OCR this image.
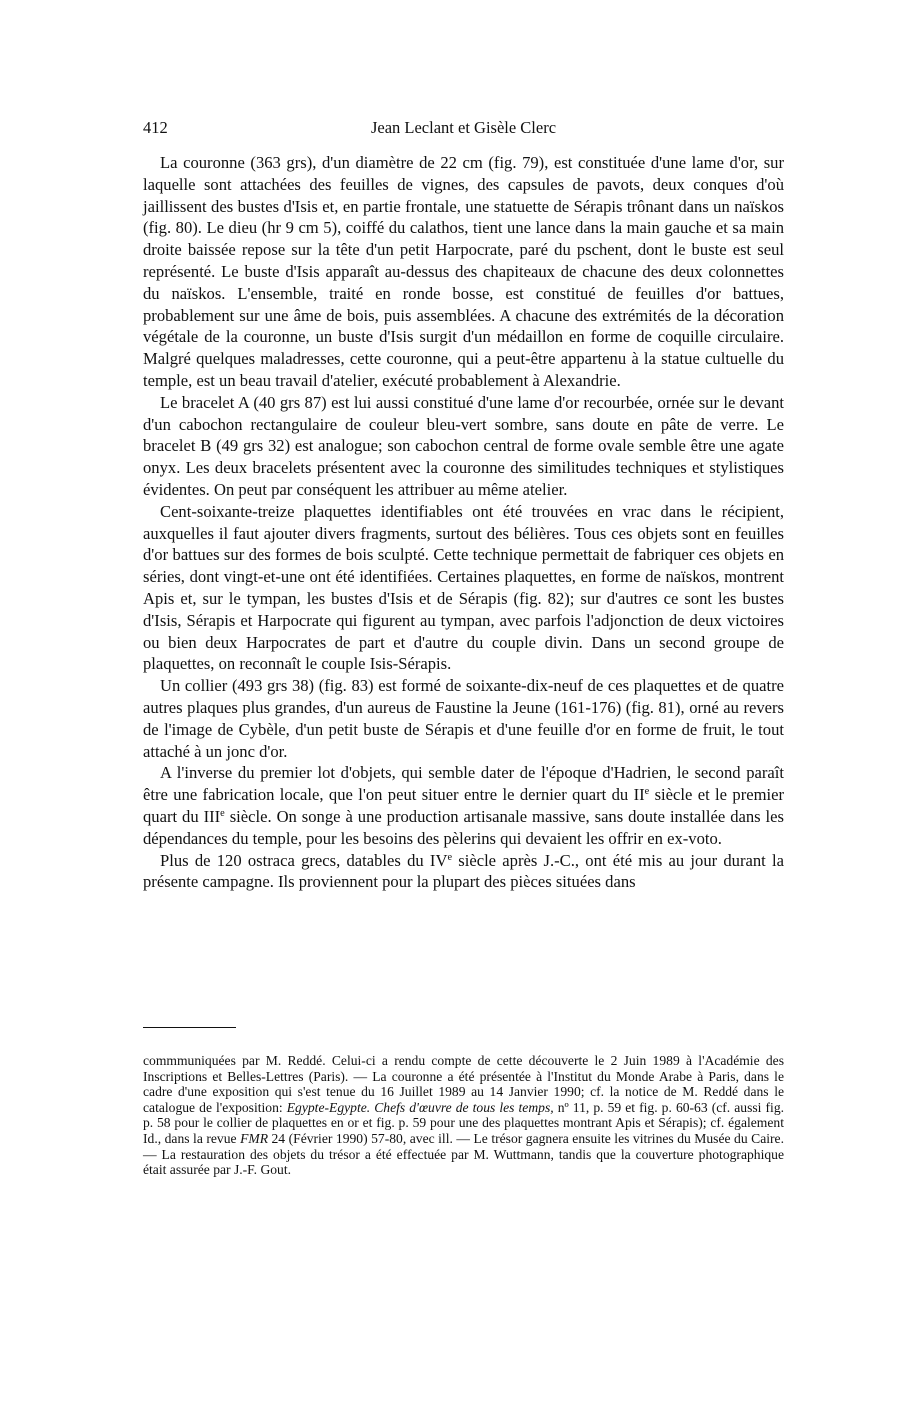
412	Jean Leclant et Gisèle Clerc

La couronne (363 grs), d'un diamètre de 22 cm (fig. 79), est constituée d'une lame d'or, sur laquelle sont attachées des feuilles de vignes, des capsules de pavots, deux conques d'où jaillissent des bustes d'Isis et, en partie frontale, une statuette de Sérapis trônant dans un naïskos (fig. 80). Le dieu (hr 9 cm 5), coiffé du calathos, tient une lance dans la main gauche et sa main droite baissée repose sur la tête d'un petit Harpocrate, paré du pschent, dont le buste est seul représenté. Le buste d'Isis apparaît au-dessus des chapiteaux de chacune des deux colonnettes du naïskos. L'ensemble, traité en ronde bosse, est constitué de feuilles d'or battues, probablement sur une âme de bois, puis assemblées. A chacune des extrémités de la décoration végétale de la couronne, un buste d'Isis surgit d'un médaillon en forme de coquille circulaire. Malgré quelques maladresses, cette couronne, qui a peut-être appartenu à la statue cultuelle du temple, est un beau travail d'atelier, exécuté probablement à Alexandrie.

Le bracelet A (40 grs 87) est lui aussi constitué d'une lame d'or recourbée, ornée sur le devant d'un cabochon rectangulaire de couleur bleu-vert sombre, sans doute en pâte de verre. Le bracelet B (49 grs 32) est analogue; son cabochon central de forme ovale semble être une agate onyx. Les deux bracelets présentent avec la couronne des similitudes techniques et stylistiques évidentes. On peut par conséquent les attribuer au même atelier.

Cent-soixante-treize plaquettes identifiables ont été trouvées en vrac dans le récipient, auxquelles il faut ajouter divers fragments, surtout des bélières. Tous ces objets sont en feuilles d'or battues sur des formes de bois sculpté. Cette technique permettait de fabriquer ces objets en séries, dont vingt-et-une ont été identifiées. Certaines plaquettes, en forme de naïskos, montrent Apis et, sur le tympan, les bustes d'Isis et de Sérapis (fig. 82); sur d'autres ce sont les bustes d'Isis, Sérapis et Harpocrate qui figurent au tympan, avec parfois l'adjonction de deux victoires ou bien deux Harpocrates de part et d'autre du couple divin. Dans un second groupe de plaquettes, on reconnaît le couple Isis-Sérapis.

Un collier (493 grs 38) (fig. 83) est formé de soixante-dix-neuf de ces plaquettes et de quatre autres plaques plus grandes, d'un aureus de Faustine la Jeune (161-176) (fig. 81), orné au revers de l'image de Cybèle, d'un petit buste de Sérapis et d'une feuille d'or en forme de fruit, le tout attaché à un jonc d'or.

A l'inverse du premier lot d'objets, qui semble dater de l'époque d'Hadrien, le second paraît être une fabrication locale, que l'on peut situer entre le dernier quart du IIe siècle et le premier quart du IIIe siècle. On songe à une production artisanale massive, sans doute installée dans les dépendances du temple, pour les besoins des pèlerins qui devaient les offrir en ex-voto.

Plus de 120 ostraca grecs, datables du IVe siècle après J.-C., ont été mis au jour durant la présente campagne. Ils proviennent pour la plupart des pièces situées dans

commmuniquées par M. Reddé. Celui-ci a rendu compte de cette découverte le 2 Juin 1989 à l'Académie des Inscriptions et Belles-Lettres (Paris). — La couronne a été présentée à l'Institut du Monde Arabe à Paris, dans le cadre d'une exposition qui s'est tenue du 16 Juillet 1989 au 14 Janvier 1990; cf. la notice de M. Reddé dans le catalogue de l'exposition: Egypte-Egypte. Chefs d'œuvre de tous les temps, nº 11, p. 59 et fig. p. 60-63 (cf. aussi fig. p. 58 pour le collier de plaquettes en or et fig. p. 59 pour une des plaquettes montrant Apis et Sérapis); cf. également Id., dans la revue FMR 24 (Février 1990) 57-80, avec ill. — Le trésor gagnera ensuite les vitrines du Musée du Caire. — La restauration des objets du trésor a été effectuée par M. Wuttmann, tandis que la couverture photographique était assurée par J.-F. Gout.
